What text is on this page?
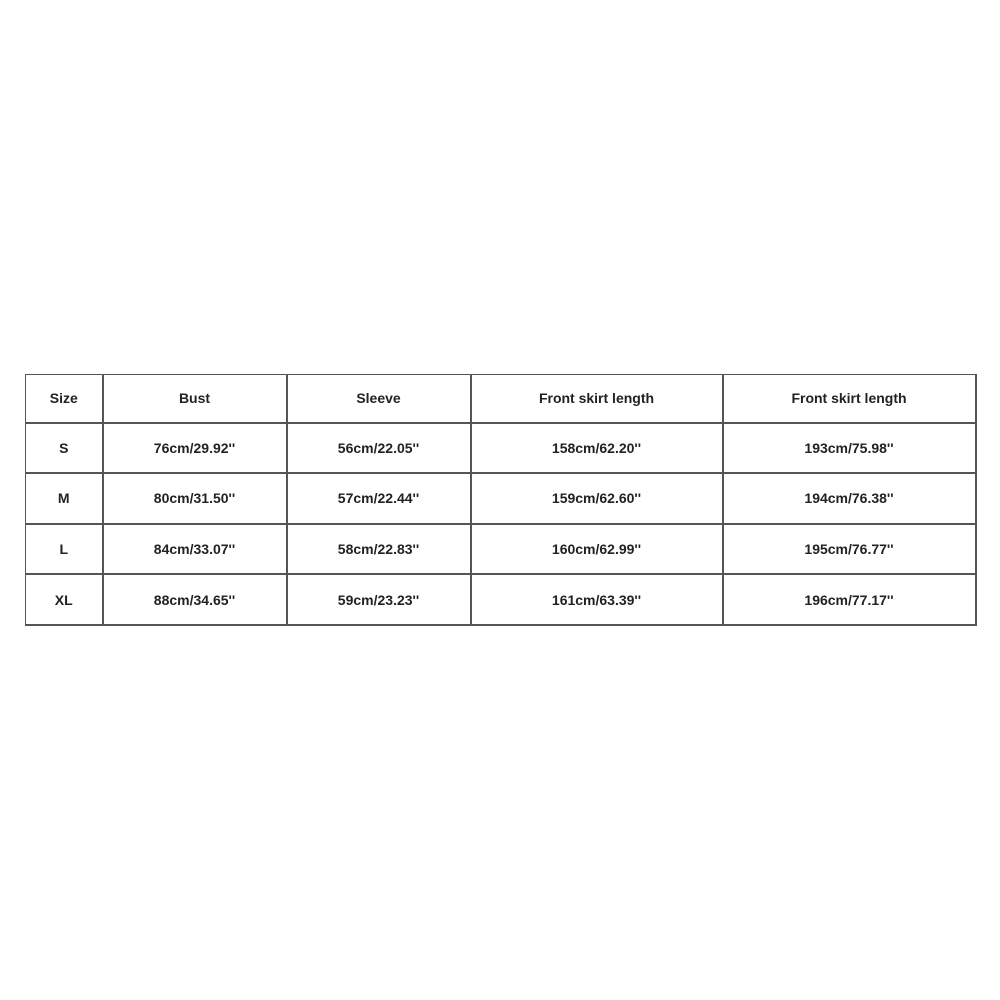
Size	Bust	Sleeve	Front skirt length	Front skirt length
S	76cm/29.92''	56cm/22.05''	158cm/62.20''	193cm/75.98''
M	80cm/31.50''	57cm/22.44''	159cm/62.60''	194cm/76.38''
L	84cm/33.07''	58cm/22.83''	160cm/62.99''	195cm/76.77''
XL	88cm/34.65''	59cm/23.23''	161cm/63.39''	196cm/77.17''
